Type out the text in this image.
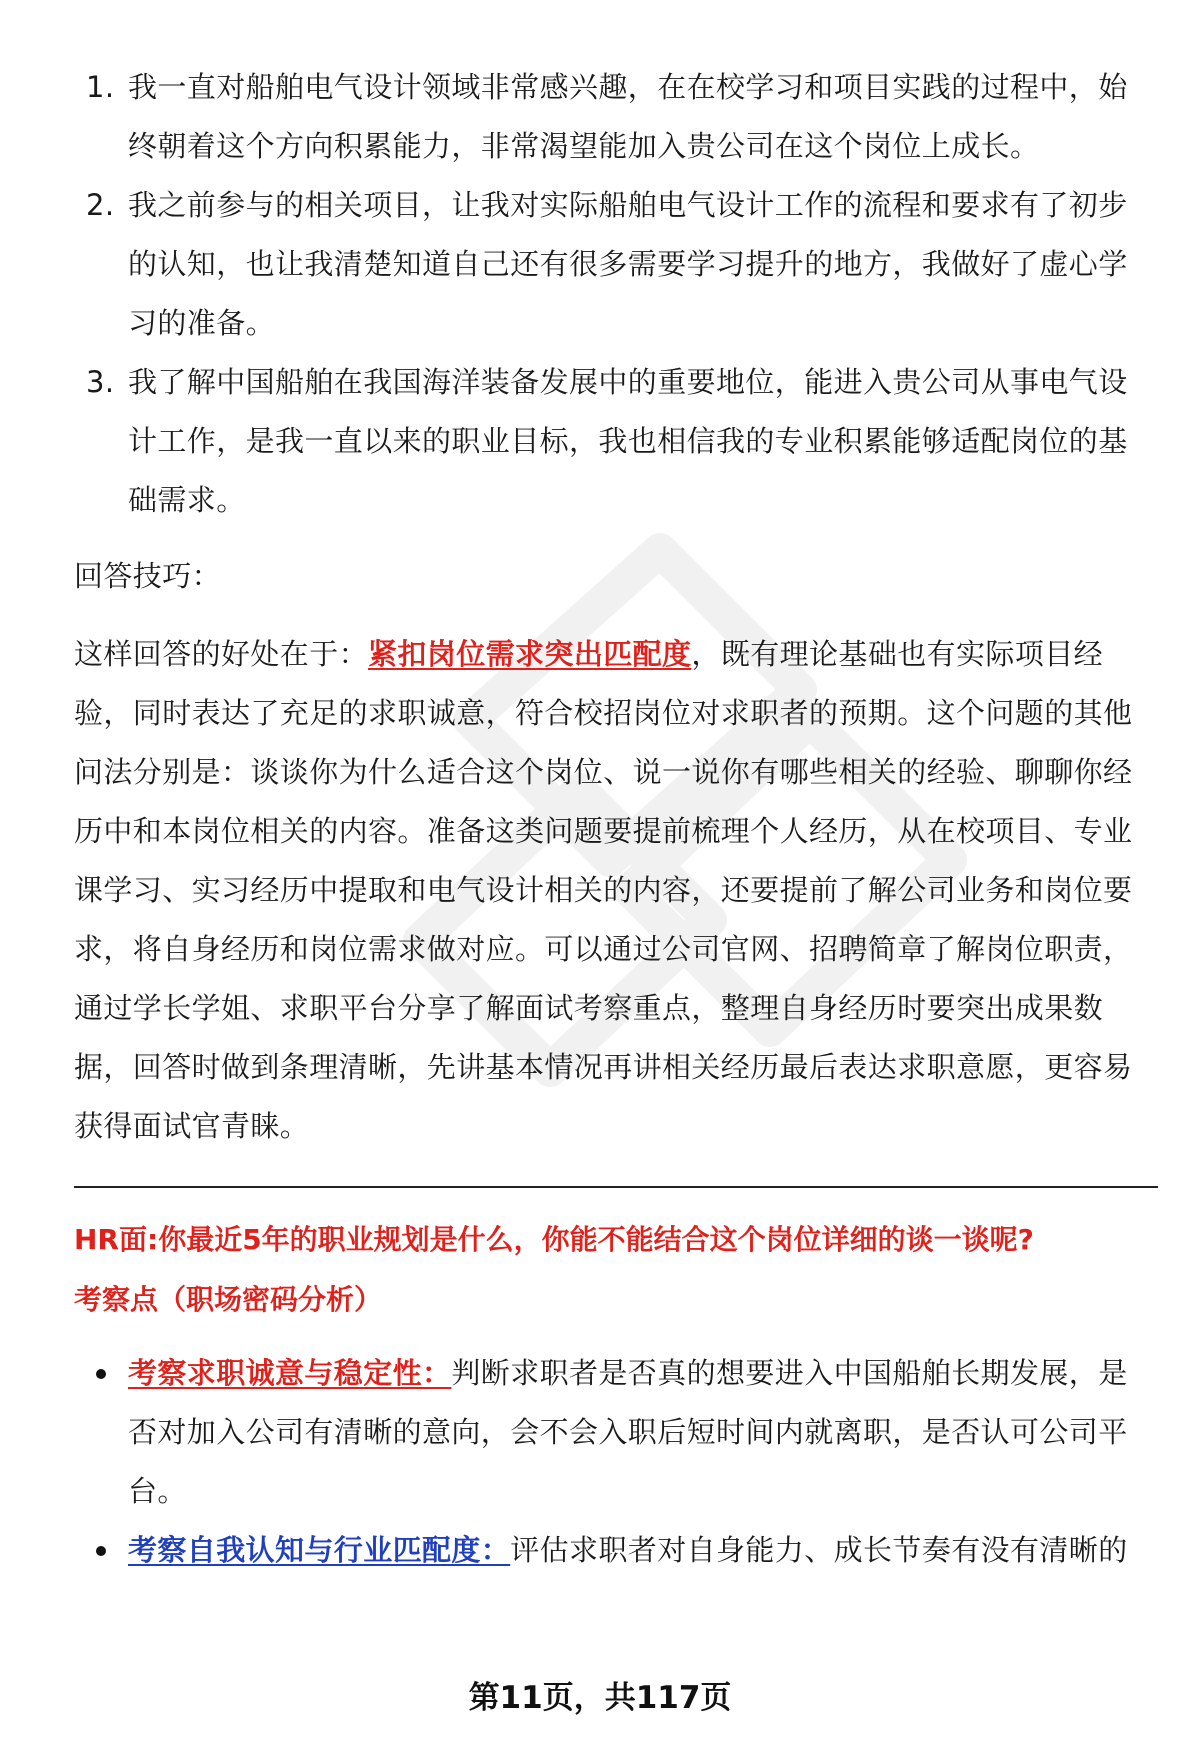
1. 我一直对船舶电气设计领域非常感兴趣，在在校学习和项目实践的过程中，始终朝着这个方向积累能力，非常渴望能加入贵公司在这个岗位上成长。
2. 我之前参与的相关项目，让我对实际船舶电气设计工作的流程和要求有了初步的认知，也让我清楚知道自己还有很多需要学习提升的地方，我做好了虚心学习的准备。
3. 我了解中国船舶在我国海洋装备发展中的重要地位，能进入贵公司从事电气设计工作，是我一直以来的职业目标，我也相信我的专业积累能够适配岗位的基础需求。
回答技巧：
这样回答的好处在于：紧扣岗位需求突出匹配度，既有理论基础也有实际项目经验，同时表达了充足的求职诚意，符合校招岗位对求职者的预期。这个问题的其他问法分别是：谈谈你为什么适合这个岗位、说一说你有哪些相关的经验、聊聊你经历中和本岗位相关的内容。准备这类问题要提前梳理个人经历，从在校项目、专业课学习、实习经历中提取和电气设计相关的内容，还要提前了解公司业务和岗位要求，将自身经历和岗位需求做对应。可以通过公司官网、招聘简章了解岗位职责，通过学长学姐、求职平台分享了解面试考察重点，整理自身经历时要突出成果数据，回答时做到条理清晰，先讲基本情况再讲相关经历最后表达求职意愿，更容易获得面试官青睐。
HR面:你最近5年的职业规划是什么，你能不能结合这个岗位详细的谈一谈呢?
考察点（职场密码分析）
考察求职诚意与稳定性：判断求职者是否真的想要进入中国船舶长期发展，是否对加入公司有清晰的意向，会不会入职后短时间内就离职，是否认可公司平台。
考察自我认知与行业匹配度：评估求职者对自身能力、成长节奏有没有清晰的
第11页，共117页
